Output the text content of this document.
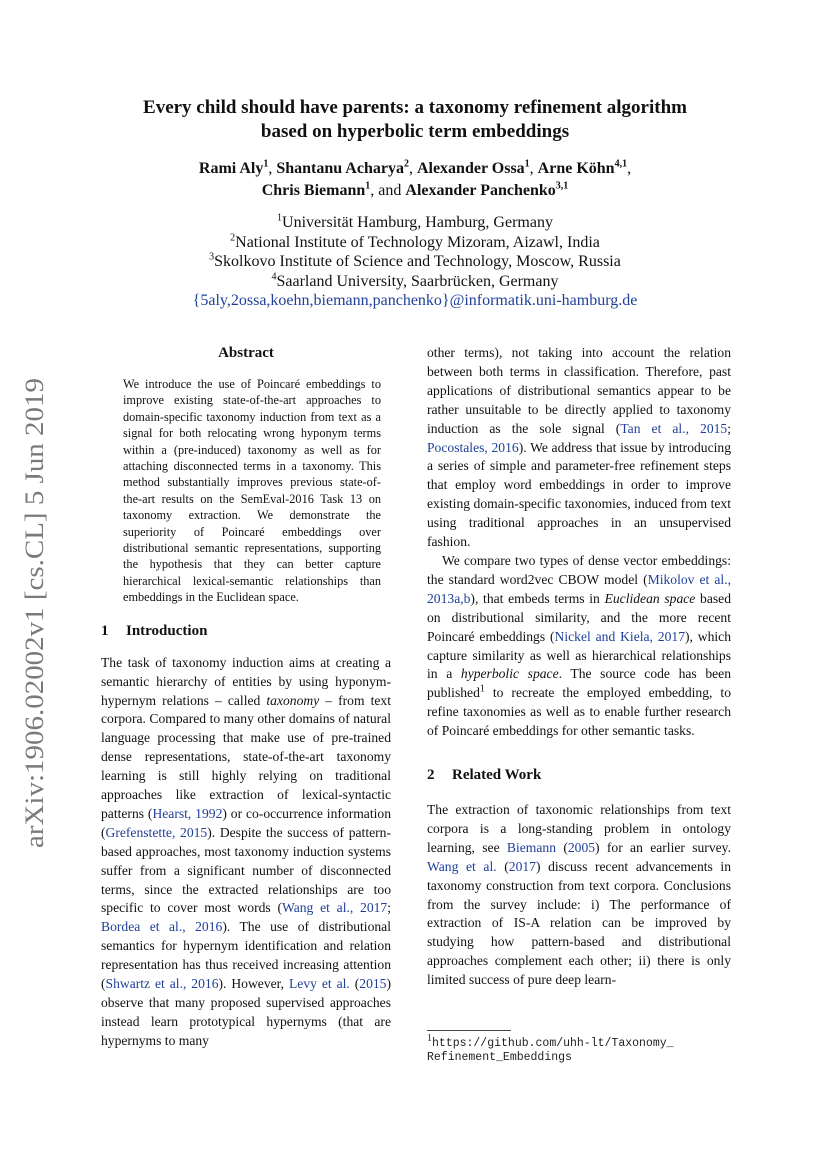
arXiv:1906.02002v1 [cs.CL] 5 Jun 2019
Every child should have parents: a taxonomy refinement algorithm
based on hyperbolic term embeddings
Rami Aly$^1$, Shantanu Acharya$^2$, Alexander Ossa$^1$, Arne Köhn$^{4,1}$,
Chris Biemann$^1$, and Alexander Panchenko$^{3,1}$
$^1$Universität Hamburg, Hamburg, Germany
$^2$National Institute of Technology Mizoram, Aizawl, India
$^3$Skolkovo Institute of Science and Technology, Moscow, Russia
$^4$Saarland University, Saarbrücken, Germany
{5aly,2ossa,koehn,biemann,panchenko}@informatik.uni-hamburg.de
Abstract

We introduce the use of Poincaré embeddings to improve existing state-of-the-art approaches to domain-specific taxonomy induction from text as a signal for both relocating wrong hyponym terms within a (pre-induced) taxonomy as well as for attaching disconnected terms in a taxonomy. This method substantially improves previous state-of-the-art results on the SemEval-2016 Task 13 on taxonomy extraction. We demonstrate the superiority of Poincaré embeddings over distributional semantic representations, supporting the hypothesis that they can better capture hierarchical lexical-semantic relationships than embeddings in the Euclidean space.

1 Introduction

The task of taxonomy induction aims at creating a semantic hierarchy of entities by using hyponym-hypernym relations – called taxonomy – from text corpora. Compared to many other domains of natural language processing that make use of pre-trained dense representations, state-of-the-art taxonomy learning is still highly relying on traditional approaches like extraction of lexical-syntactic patterns (Hearst, 1992) or co-occurrence information (Grefenstette, 2015). Despite the success of pattern-based approaches, most taxonomy induction systems suffer from a significant number of disconnected terms, since the extracted relationships are too specific to cover most words (Wang et al., 2017; Bordea et al., 2016). The use of distributional semantics for hypernym identification and relation representation has thus received increasing attention (Shwartz et al., 2016). However, Levy et al. (2015) observe that many proposed supervised approaches instead learn prototypical hypernyms (that are hypernyms to many

other terms), not taking into account the relation between both terms in classification. Therefore, past applications of distributional semantics appear to be rather unsuitable to be directly applied to taxonomy induction as the sole signal (Tan et al., 2015; Pocostales, 2016). We address that issue by introducing a series of simple and parameter-free refinement steps that employ word embeddings in order to improve existing domain-specific taxonomies, induced from text using traditional approaches in an unsupervised fashion.

We compare two types of dense vector embeddings: the standard word2vec CBOW model (Mikolov et al., 2013a,b), that embeds terms in Euclidean space based on distributional similarity, and the more recent Poincaré embeddings (Nickel and Kiela, 2017), which capture similarity as well as hierarchical relationships in a hyperbolic space. The source code has been published$^1$ to recreate the employed embedding, to refine taxonomies as well as to enable further research of Poincaré embeddings for other semantic tasks.

2 Related Work

The extraction of taxonomic relationships from text corpora is a long-standing problem in ontology learning, see Biemann (2005) for an earlier survey. Wang et al. (2017) discuss recent advancements in taxonomy construction from text corpora. Conclusions from the survey include: i) The performance of extraction of IS-A relation can be improved by studying how pattern-based and distributional approaches complement each other; ii) there is only limited success of pure deep learn-

$^1$https://github.com/uhh-lt/Taxonomy_
Refinement_Embeddings
